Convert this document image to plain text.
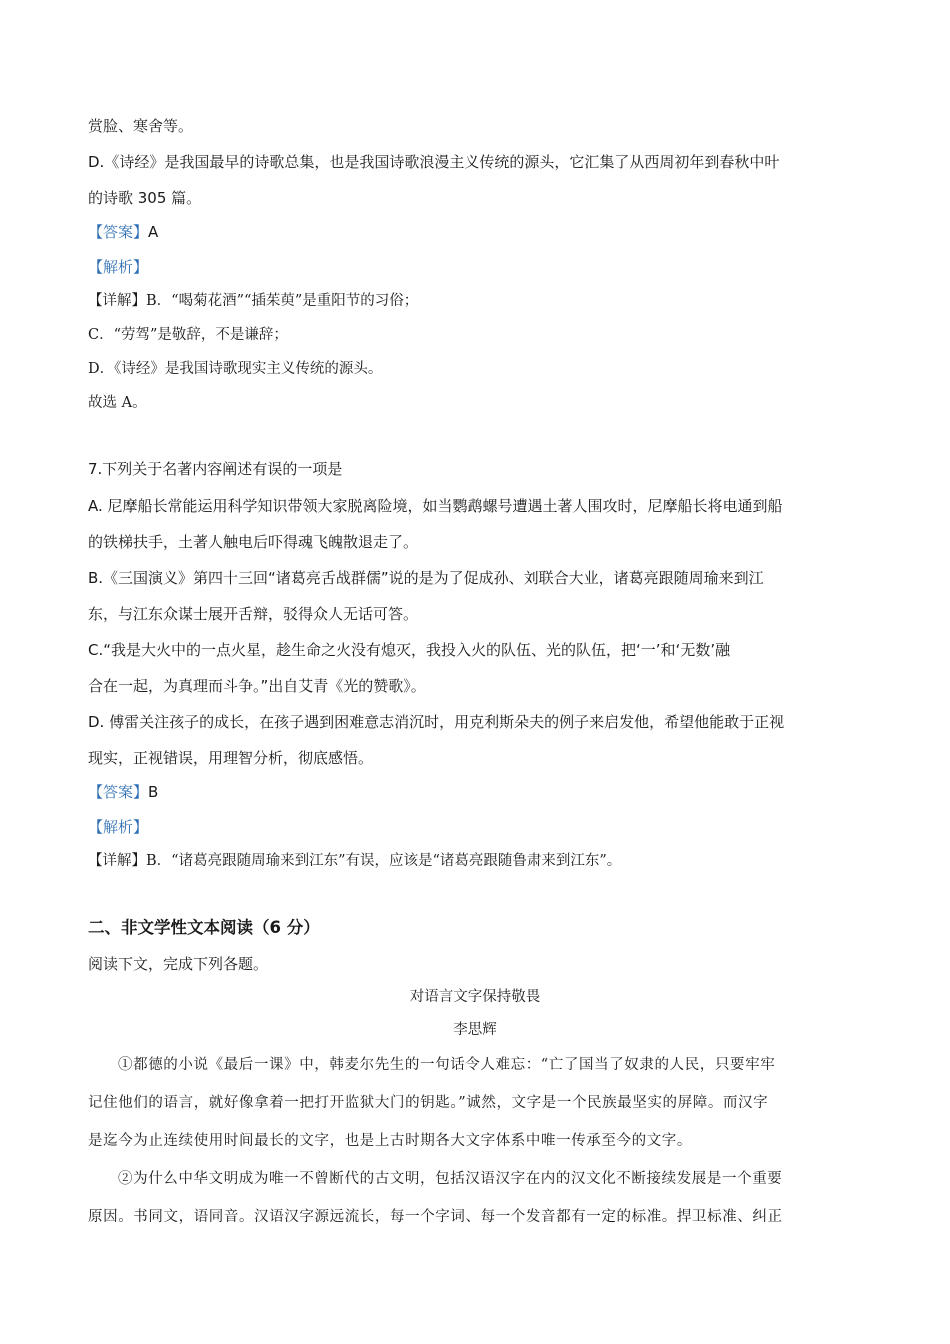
赏脸、寒舍等。
D.《诗经》是我国最早的诗歌总集，也是我国诗歌浪漫主义传统的源头，它汇集了从西周初年到春秋中叶
的诗歌 305 篇。
【答案】A
【解析】
【详解】B．“喝菊花酒”“插茱萸”是重阳节的习俗；
C．“劳驾”是敬辞，不是谦辞；
D．《诗经》是我国诗歌现实主义传统的源头。
故选 A。
7.下列关于名著内容阐述有误的一项是
A. 尼摩船长常能运用科学知识带领大家脱离险境，如当鹦鹉螺号遭遇土著人围攻时，尼摩船长将电通到船
的铁梯扶手，土著人触电后吓得魂飞魄散退走了。
B.《三国演义》第四十三回“诸葛亮舌战群儒”说的是为了促成孙、刘联合大业，诸葛亮跟随周瑜来到江
东，与江东众谋士展开舌辩，驳得众人无话可答。
C.“我是大火中的一点火星，趁生命之火没有熄灭，我投入火的队伍、光的队伍，把‘一’和‘无数’融
合在一起，为真理而斗争。”出自艾青《光的赞歌》。
D. 傅雷关注孩子的成长，在孩子遇到困难意志消沉时，用克利斯朵夫的例子来启发他，希望他能敢于正视
现实，正视错误，用理智分析，彻底感悟。
【答案】B
【解析】
【详解】B．“诸葛亮跟随周瑜来到江东”有误，应该是“诸葛亮跟随鲁肃来到江东”。
二、非文学性文本阅读（6 分）
阅读下文，完成下列各题。
对语言文字保持敬畏
李思辉
①都德的小说《最后一课》中，韩麦尔先生的一句话令人难忘：“亡了国当了奴隶的人民，只要牢牢
记住他们的语言，就好像拿着一把打开监狱大门的钥匙。”诚然，文字是一个民族最坚实的屏障。而汉字
是迄今为止连续使用时间最长的文字，也是上古时期各大文字体系中唯一传承至今的文字。
②为什么中华文明成为唯一不曾断代的古文明，包括汉语汉字在内的汉文化不断接续发展是一个重要
原因。书同文，语同音。汉语汉字源远流长，每一个字词、每一个发音都有一定的标准。捍卫标准、纠正
